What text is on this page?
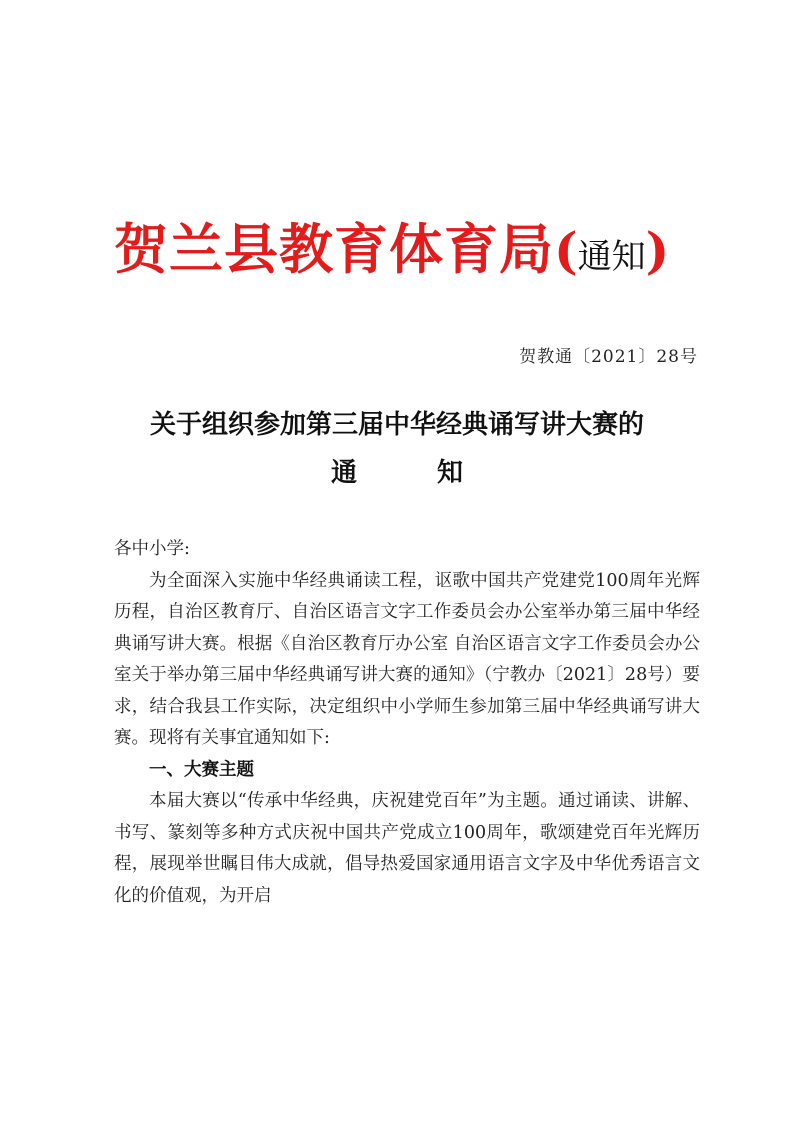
贺兰县教育体育局(通知)
贺教通〔2021〕28号
关于组织参加第三届中华经典诵写讲大赛的
通	知

各中小学:

为全面深入实施中华经典诵读工程，讴歌中国共产党建党100周年光辉历程，自治区教育厅、自治区语言文字工作委员会办公室举办第三届中华经典诵写讲大赛。根据《自治区教育厅办公室 自治区语言文字工作委员会办公室关于举办第三届中华经典诵写讲大赛的通知》（宁教办〔2021〕28号）要求，结合我县工作实际，决定组织中小学师生参加第三届中华经典诵写讲大赛。现将有关事宜通知如下:

一、大赛主题

本届大赛以“传承中华经典，庆祝建党百年”为主题。通过诵读、讲解、书写、篆刻等多种方式庆祝中国共产党成立100周年，歌颂建党百年光辉历程，展现举世瞩目伟大成就，倡导热爱国家通用语言文字及中华优秀语言文化的价值观，为开启
